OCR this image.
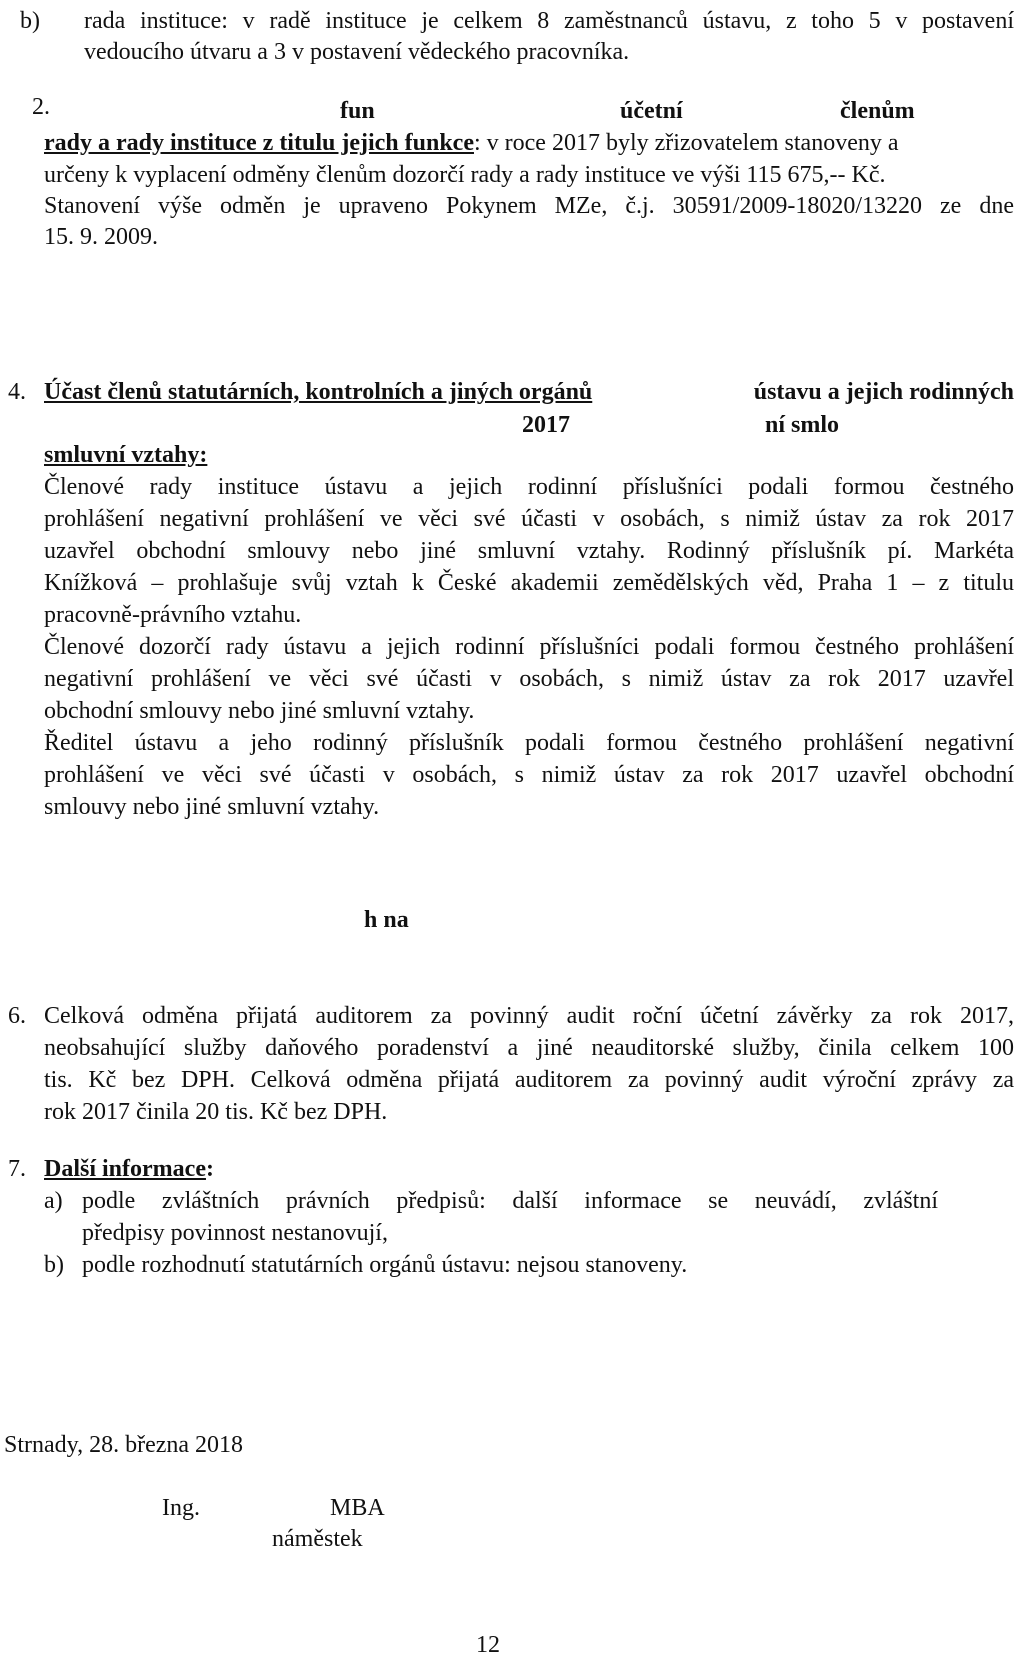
b) rada instituce: v radě instituce je celkem 8 zaměstnanců ústavu, z toho 5 v postavení
vedoucího útvaru a 3 v postavení vědeckého pracovníka.
2.	fun	účetní	členům
rady a rady instituce z titulu jejich funkce: v roce 2017 byly zřizovatelem stanoveny a
určeny k vyplacení odměny členům dozorčí rady a rady instituce ve výši 115 675,-- Kč.
Stanovení výše odměn je upraveno Pokynem MZe, č.j. 30591/2009-18020/13220 ze dne
15. 9. 2009.
4. Účast členů statutárních, kontrolních a jiných orgánů	ústavu a jejich rodinných
2017	ní smlo
smluvní vztahy:
Členové rady instituce ústavu a jejich rodinní příslušníci podali formou čestného
prohlášení negativní prohlášení ve věci své účasti v osobách, s nimiž ústav za rok 2017
uzavřel obchodní smlouvy nebo jiné smluvní vztahy. Rodinný příslušník pí. Markéta
Knížková – prohlašuje svůj vztah k České akademii zemědělských věd, Praha 1 – z titulu
pracovně-právního vztahu.
Členové dozorčí rady ústavu a jejich rodinní příslušníci podali formou čestného prohlášení
negativní prohlášení ve věci své účasti v osobách, s nimiž ústav za rok 2017 uzavřel
obchodní smlouvy nebo jiné smluvní vztahy.
Ředitel ústavu a jeho rodinný příslušník podali formou čestného prohlášení negativní
prohlášení ve věci své účasti v osobách, s nimiž ústav za rok 2017 uzavřel obchodní
smlouvy nebo jiné smluvní vztahy.
h na
6. Celková odměna přijatá auditorem za povinný audit roční účetní závěrky za rok 2017,
neobsahující služby daňového poradenství a jiné neauditorské služby, činila celkem 100
tis. Kč bez DPH. Celková odměna přijatá auditorem za povinný audit výroční zprávy za
rok 2017 činila 20 tis. Kč bez DPH.
7. Další informace:
a) podle zvláštních právních předpisů: další informace se neuvádí, zvláštní
předpisy povinnost nestanovují,
b) podle rozhodnutí statutárních orgánů ústavu: nejsou stanoveny.
Strnady, 28. března 2018
Ing.	MBA
náměstek
12
